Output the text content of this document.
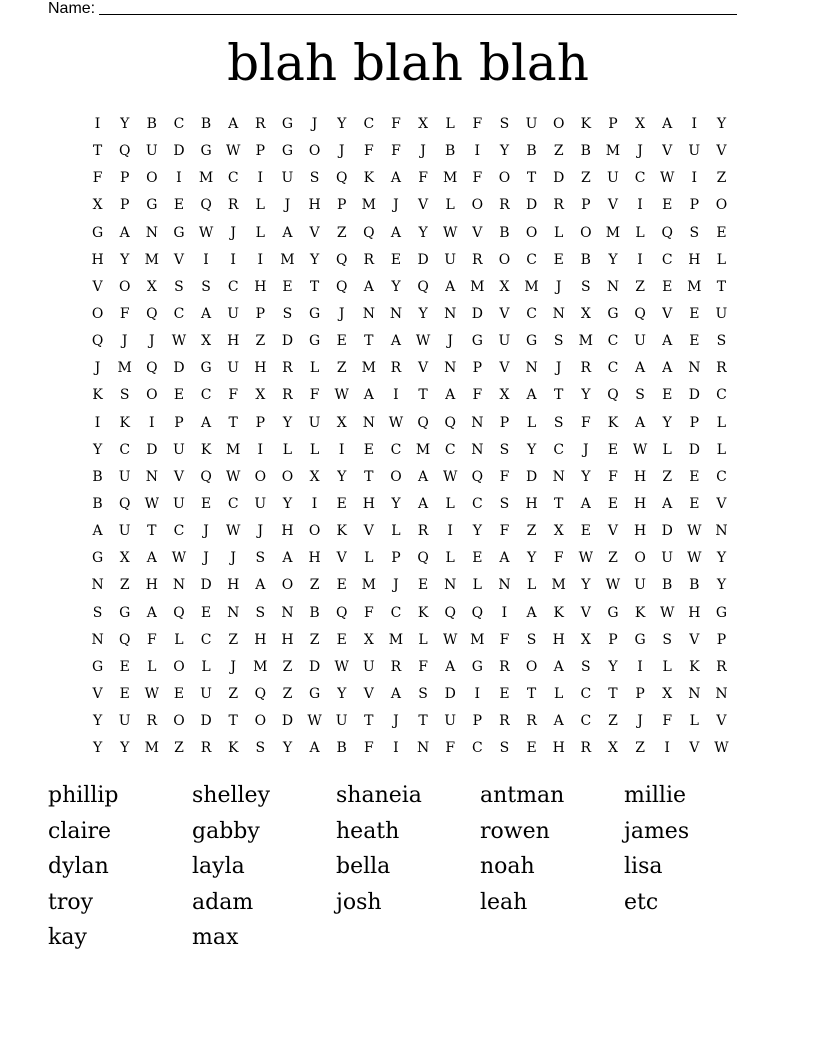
Name:
blah blah blah
I	Y	B	C	B	A	R	G	J	Y	C	F	X	L	F	S	U	O	K	P	X	A	I	Y
T	Q	U	D	G	W	P	G	O	J	F	F	J	B	I	Y	B	Z	B	M	J	V	U	V
F	P	O	I	M	C	I	U	S	Q	K	A	F	M	F	O	T	D	Z	U	C	W	I	Z
X	P	G	E	Q	R	L	J	H	P	M	J	V	L	O	R	D	R	P	V	I	E	P	O
G	A	N	G	W	J	L	A	V	Z	Q	A	Y	W	V	B	O	L	O	M	L	Q	S	E
H	Y	M	V	I	I	I	M	Y	Q	R	E	D	U	R	O	C	E	B	Y	I	C	H	L
V	O	X	S	S	C	H	E	T	Q	A	Y	Q	A	M	X	M	J	S	N	Z	E	M	T
O	F	Q	C	A	U	P	S	G	J	N	N	Y	N	D	V	C	N	X	G	Q	V	E	U
Q	J	J	W	X	H	Z	D	G	E	T	A	W	J	G	U	G	S	M	C	U	A	E	S
J	M	Q	D	G	U	H	R	L	Z	M	R	V	N	P	V	N	J	R	C	A	A	N	R
K	S	O	E	C	F	X	R	F	W	A	I	T	A	F	X	A	T	Y	Q	S	E	D	C
I	K	I	P	A	T	P	Y	U	X	N W	Q	Q	N	P	L	S	F	K	A	Y	P	L
Y	C	D	U	K	M	I	L	L	I	E	C	M	C	N	S	Y	C	J	E	W	L	D	L
B	U	N	V	Q	W	O	O	X	Y	T	O	A	W	Q	F	D	N	Y	F	H	Z	E	C
B	Q	W	U	E	C	U	Y	I	E	H	Y	A	L	C	S	H	T	A	E	H	A	E	V
A	U	T	C	J	W	J	H	O	K	V	L	R	I	Y	F	Z	X	E	V	H	D	W N
G	X	A	W	J	J	S	A	H	V	L	P	Q	L	E	A	Y	F	W	Z	O	U	W	Y
N	Z	H	N	D	H	A	O	Z	E	M	J	E	N	L	N	L	M	Y	W	U	B	B	Y
S	G	A	Q	E	N	S	N	B	Q	F	C	K	Q	Q	I	A	K	V	G	K	W H	G
N	Q	F	L	C	Z	H	H	Z	E	X	M	L	W M	F	S	H	X	P	G	S	V	P
G	E	L	O	L	J	M	Z	D	W	U	R	F	A	G	R	O	A	S	Y	I	L	K	R
V	E	W	E	U	Z	Q	Z	G	Y	V	A	S	D	I	E	T	L	C	T	P	X	N	N
Y	U	R	O	D	T	O	D	W	U	T	J	T	U	P	R	R	A	C	Z	J	F	L	V
Y	Y	M	Z	R	K	S	Y	A	B	F	I	N	F	C	S	E	H	R	X	Z	I	V	W
phillip	shelley	shaneia	antman	millie
claire	gabby	heath	rowen	james
dylan	layla	bella	noah	lisa
troy	adam	josh	leah	etc
kay	max
